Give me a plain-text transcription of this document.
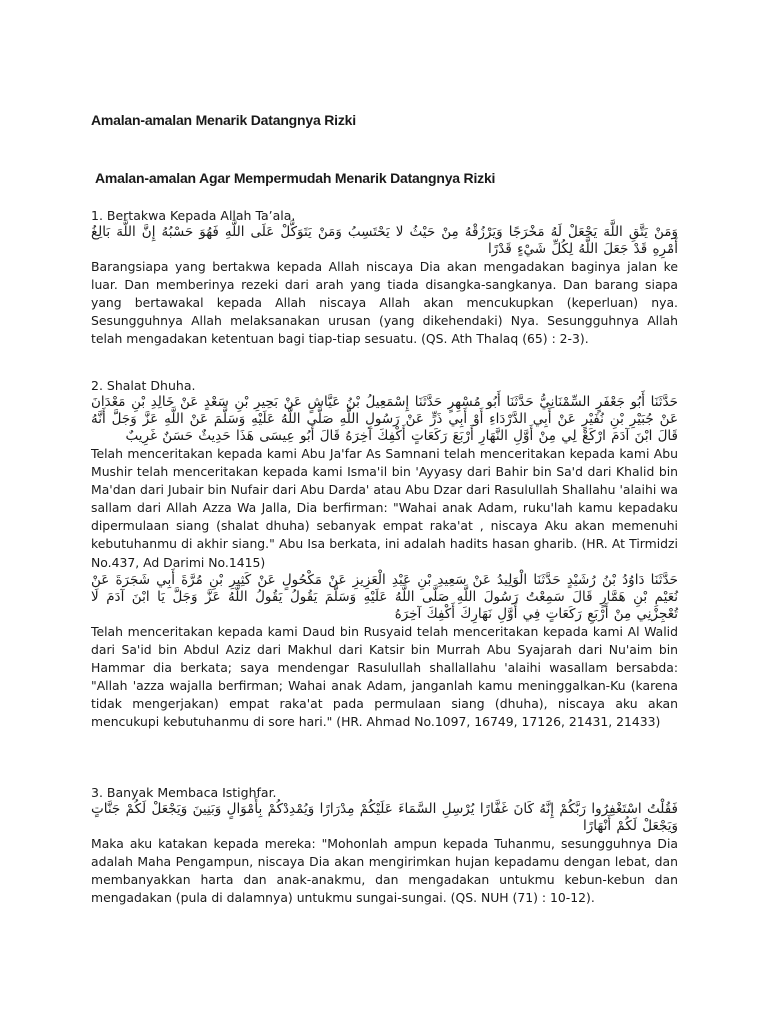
Amalan-amalan Menarik Datangnya Rizki
Amalan-amalan Agar Mempermudah Menarik Datangnya Rizki

1. Bertakwa Kepada Allah Ta’ala.

وَمَنْ يَتَّقِ اللَّهَ يَجْعَلْ لَهُ مَخْرَجًا وَيَرْزُقْهُ مِنْ حَيْثُ لا يَحْتَسِبُ وَمَنْ يَتَوَكَّلْ عَلَى اللَّهِ فَهُوَ حَسْبُهُ إِنَّ اللَّهَ بَالِغُ أَمْرِهِ قَدْ جَعَلَ اللَّهُ لِكُلِّ شَيْءٍ قَدْرًا

Barangsiapa yang bertakwa kepada Allah niscaya Dia akan mengadakan baginya jalan ke luar. Dan memberinya rezeki dari arah yang tiada disangka-sangkanya. Dan barang siapa yang bertawakal kepada Allah niscaya Allah akan mencukupkan (keperluan) nya. Sesungguhnya Allah melaksanakan urusan (yang dikehendaki) Nya. Sesungguhnya Allah telah mengadakan ketentuan bagi tiap-tiap sesuatu. (QS. Ath Thalaq (65) : 2-3).

2. Shalat Dhuha.

حَدَّثَنَا أَبُو جَعْفَرٍ السِّمْنَانِيُّ حَدَّثَنَا أَبُو مُسْهِرٍ حَدَّثَنَا إِسْمَعِيلُ بْنُ عَيَّاشٍ عَنْ بَحِيرِ بْنِ سَعْدٍ عَنْ خَالِدِ بْنِ مَعْدَانَ عَنْ جُبَيْرِ بْنِ نُفَيْرٍ عَنْ أَبِي الدَّرْدَاءِ أَوْ أَبِي ذَرٍّ عَنْ رَسُولِ اللَّهِ صَلَّى اللَّهُ عَلَيْهِ وَسَلَّمَ عَنْ اللَّهِ عَزَّ وَجَلَّ أَنَّهُ قَالَ ابْنَ آدَمَ ارْكَعْ لِي مِنْ أَوَّلِ النَّهَارِ أَرْبَعَ رَكَعَاتٍ أَكْفِكَ آخِرَهُ قَالَ أَبُو عِيسَى هَذَا حَدِيثٌ حَسَنٌ غَرِيبٌ

Telah menceritakan kepada kami Abu Ja'far As Samnani telah menceritakan kepada kami Abu Mushir telah menceritakan kepada kami Isma'il bin 'Ayyasy dari Bahir bin Sa'd dari Khalid bin Ma'dan dari Jubair bin Nufair dari Abu Darda' atau Abu Dzar dari Rasulullah Shallahu 'alaihi wa sallam dari Allah Azza Wa Jalla, Dia berfirman: "Wahai anak Adam, ruku'lah kamu kepadaku dipermulaan siang (shalat dhuha) sebanyak empat raka'at , niscaya Aku akan memenuhi kebutuhanmu di akhir siang." Abu Isa berkata, ini adalah hadits hasan gharib. (HR. At Tirmidzi No.437, Ad Darimi No.1415)

حَدَّثَنَا دَاوُدُ بْنُ رُشَيْدٍ حَدَّثَنَا الْوَلِيدُ عَنْ سَعِيدِ بْنِ عَبْدِ الْعَزِيزِ عَنْ مَكْحُولٍ عَنْ كَثِيرِ بْنِ مُرَّةَ أَبِي شَجَرَةَ عَنْ نُعَيْمِ بْنِ هَمَّارٍ قَالَ سَمِعْتُ رَسُولَ اللَّهِ صَلَّى اللَّهُ عَلَيْهِ وَسَلَّمَ يَقُولُ يَقُولُ اللَّهُ عَزَّ وَجَلَّ يَا ابْنَ آدَمَ لَا تُعْجِزْنِي مِنْ أَرْبَعِ رَكَعَاتٍ فِي أَوَّلِ نَهَارِكَ أَكْفِكَ آخِرَهُ

Telah menceritakan kepada kami Daud bin Rusyaid telah menceritakan kepada kami Al Walid dari Sa'id bin Abdul Aziz dari Makhul dari Katsir bin Murrah Abu Syajarah dari Nu'aim bin Hammar dia berkata; saya mendengar Rasulullah shallallahu 'alaihi wasallam bersabda: "Allah 'azza wajalla berfirman; Wahai anak Adam, janganlah kamu meninggalkan-Ku (karena tidak mengerjakan) empat raka'at pada permulaan siang (dhuha), niscaya aku akan mencukupi kebutuhanmu di sore hari." (HR. Ahmad No.1097, 16749, 17126, 21431, 21433)

3. Banyak Membaca Istighfar.

فَقُلْتُ اسْتَغْفِرُوا رَبَّكُمْ إِنَّهُ كَانَ غَفَّارًا يُرْسِلِ السَّمَاءَ عَلَيْكُمْ مِدْرَارًا وَيُمْدِدْكُمْ بِأَمْوَالٍ وَبَنِينَ وَيَجْعَلْ لَكُمْ جَنَّاتٍ وَيَجْعَلْ لَكُمْ أَنْهَارًا

Maka aku katakan kepada mereka: "Mohonlah ampun kepada Tuhanmu, sesungguhnya Dia adalah Maha Pengampun, niscaya Dia akan mengirimkan hujan kepadamu dengan lebat, dan membanyakkan harta dan anak-anakmu, dan mengadakan untukmu kebun-kebun dan mengadakan (pula di dalamnya) untukmu sungai-sungai. (QS. NUH (71) : 10-12).
